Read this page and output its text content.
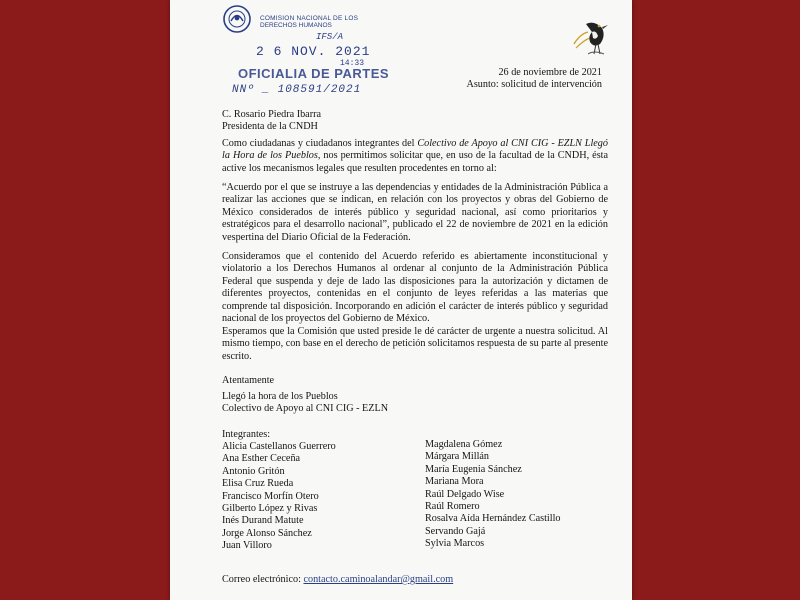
COMISION NACIONAL DE LOS
DERECHOS HUMANOS
IFS/A
2 6 NOV. 2021
14:33
OFICIALIA DE PARTES
NNº _ 108591/2021
26 de noviembre de 2021
Asunto: solicitud de intervención
C. Rosario Piedra Ibarra
Presidenta de la CNDH
Como ciudadanas y ciudadanos integrantes del Colectivo de Apoyo al CNI CIG - EZLN Llegó la Hora de los Pueblos, nos permitimos solicitar que, en uso de la facultad de la CNDH, ésta active los mecanismos legales que resulten procedentes en torno al:
“Acuerdo por el que se instruye a las dependencias y entidades de la Administración Pública a realizar las acciones que se indican, en relación con los proyectos y obras del Gobierno de México considerados de interés público y seguridad nacional, así como prioritarios y estratégicos para el desarrollo nacional”, publicado el 22 de noviembre de 2021 en la edición vespertina del Diario Oficial de la Federación.
Consideramos que el contenido del Acuerdo referido es abiertamente inconstitucional y violatorio a los Derechos Humanos al ordenar al conjunto de la Administración Pública Federal que suspenda y deje de lado las disposiciones para la autorización y dictamen de diferentes proyectos, contenidas en el conjunto de leyes referidas a las materias que comprende tal disposición. Incorporando en adición el carácter de interés público y seguridad nacional de los proyectos del Gobierno de México.
Esperamos que la Comisión que usted preside le dé carácter de urgente a nuestra solicitud. Al mismo tiempo, con base en el derecho de petición solicitamos respuesta de su parte al presente escrito.
Atentamente
Llegó la hora de los Pueblos
Colectivo de Apoyo al CNI CIG - EZLN
Integrantes:
Alicia Castellanos Guerrero
Ana Esther Ceceña
Antonio Gritón
Elisa Cruz Rueda
Francisco Morfín Otero
Gilberto López y Rivas
Inés Durand Matute
Jorge Alonso Sánchez
Juan Villoro
Magdalena Gómez
Márgara Millán
María Eugenia Sánchez
Mariana Mora
Raúl Delgado Wise
Raúl Romero
Rosalva Aída Hernández Castillo
Servando Gajá
Sylvia Marcos
Correo electrónico: contacto.caminoalandar@gmail.com
